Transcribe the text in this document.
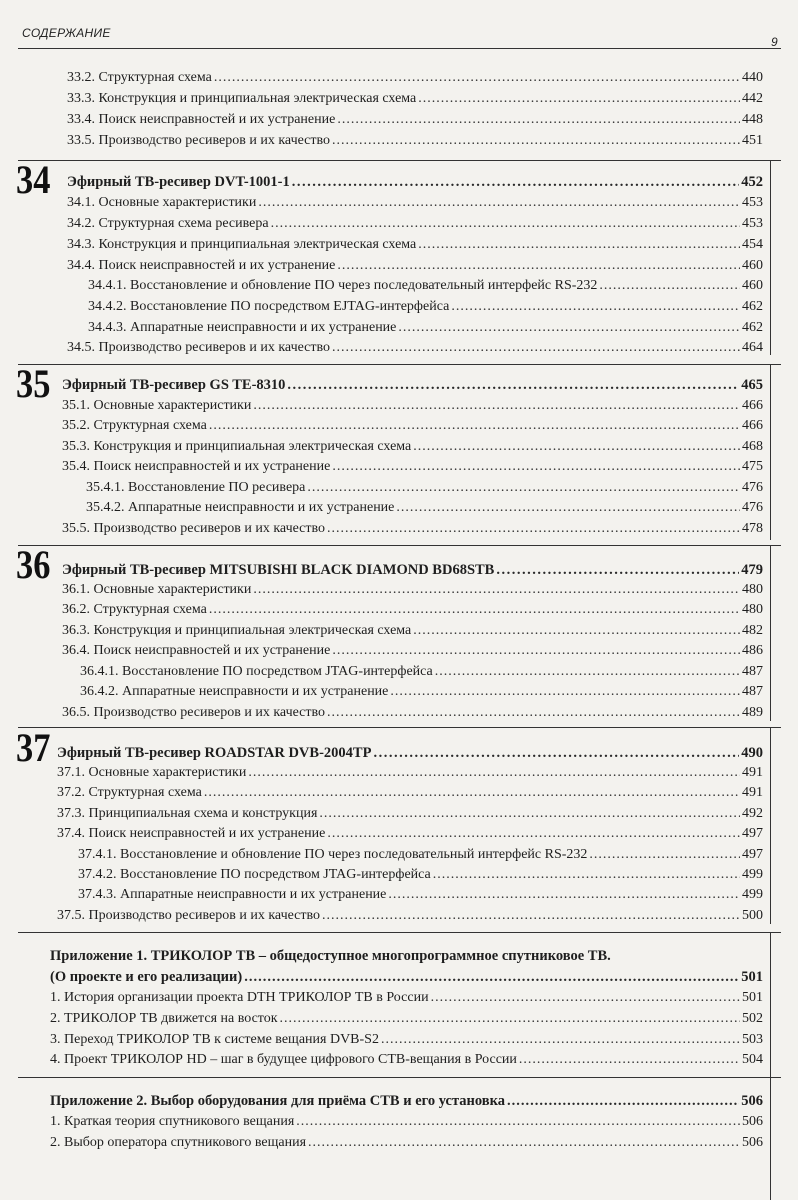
СОДЕРЖАНИЕ
9
33.2. Структурная схема .....	440
33.3. Конструкция и принципиальная электрическая схема .....	442
33.4. Поиск неисправностей и их устранение .....	448
33.5. Производство ресиверов и их качество .....	451
34 Эфирный ТВ-ресивер DVT-1001-1 .....	452
34.1. Основные характеристики .....	453
34.2. Структурная схема ресивера .....	453
34.3. Конструкция и принципиальная электрическая схема .....	454
34.4. Поиск неисправностей и их устранение .....	460
34.4.1. Восстановление и обновление ПО через последовательный интерфейс RS-232 .....	460
34.4.2. Восстановление ПО посредством EJTAG-интерфейса .....	462
34.4.3. Аппаратные неисправности и их устранение .....	462
34.5. Производство ресиверов и их качество .....	464
35 Эфирный ТВ-ресивер GS TE-8310 .....	465
35.1. Основные характеристики .....	466
35.2. Структурная схема .....	466
35.3. Конструкция и принципиальная электрическая схема .....	468
35.4. Поиск неисправностей и их устранение .....	475
35.4.1. Восстановление ПО ресивера .....	476
35.4.2. Аппаратные неисправности и их устранение .....	476
35.5. Производство ресиверов и их качество .....	478
36 Эфирный ТВ-ресивер MITSUBISHI BLACK DIAMOND BD68STB .....	479
36.1. Основные характеристики .....	480
36.2. Структурная схема .....	480
36.3. Конструкция и принципиальная электрическая схема .....	482
36.4. Поиск неисправностей и их устранение .....	486
36.4.1. Восстановление ПО посредством JTAG-интерфейса .....	487
36.4.2. Аппаратные неисправности и их устранение .....	487
36.5. Производство ресиверов и их качество .....	489
37 Эфирный ТВ-ресивер ROADSTAR DVB-2004TP .....	490
37.1. Основные характеристики .....	491
37.2. Структурная схема .....	491
37.3. Принципиальная схема и конструкция .....	492
37.4. Поиск неисправностей и их устранение .....	497
37.4.1. Восстановление и обновление ПО через последовательный интерфейс RS-232 .....	497
37.4.2. Восстановление ПО посредством JTAG-интерфейса .....	499
37.4.3. Аппаратные неисправности и их устранение .....	499
37.5. Производство ресиверов и их качество .....	500
Приложение 1. ТРИКОЛОР ТВ – общедоступное многопрограммное спутниковое ТВ.
(О проекте и его реализации) .....	501
1. История организации проекта DTH ТРИКОЛОР ТВ в России .....	501
2. ТРИКОЛОР ТВ движется на восток .....	502
3. Переход ТРИКОЛОР ТВ к системе вещания DVB-S2 .....	503
4. Проект ТРИКОЛОР HD – шаг в будущее цифрового СТВ-вещания в России .....	504
Приложение 2. Выбор оборудования для приёма СТВ и его установка .....	506
1. Краткая теория спутникового вещания .....	506
2. Выбор оператора спутникового вещания .....	506
